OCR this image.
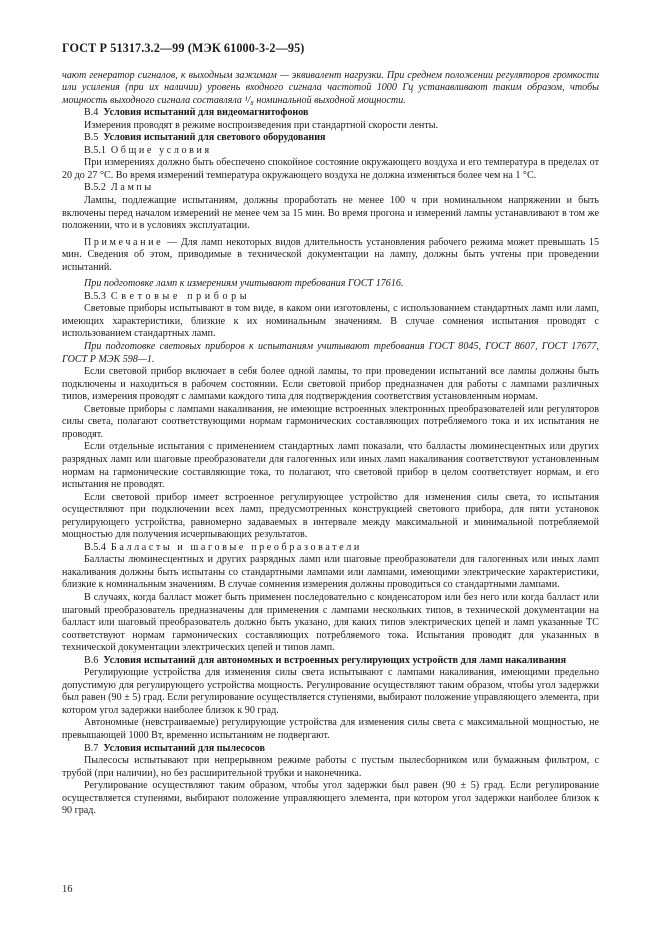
ГОСТ Р 51317.3.2—99 (МЭК 61000-3-2—95)

чают генератор сигналов, к выходным зажимам — эквивалент нагрузки. При среднем положении регуляторов громкости или усиления (при их наличии) уровень входного сигнала частотой 1000 Гц устанавливают таким образом, чтобы мощность выходного сигнала составляла ¹/₈ номинальной выходной мощности.

В.4 Условия испытаний для видеомагнитофонов

Измерения проводят в режиме воспроизведения при стандартной скорости ленты.

В.5 Условия испытаний для светового оборудования

В.5.1 Общие условия

При измерениях должно быть обеспечено спокойное состояние окружающего воздуха и его температура в пределах от 20 до 27 °С. Во время измерений температура окружающего воздуха не должна изменяться более чем на 1 °С.

В.5.2 Лампы

Лампы, подлежащие испытаниям, должны проработать не менее 100 ч при номинальном напряжении и быть включены перед началом измерений не менее чем за 15 мин. Во время прогона и измерений лампы устанавливают в том же положении, что и в условиях эксплуатации.

Примечание — Для ламп некоторых видов длительность установления рабочего режима может превышать 15 мин. Сведения об этом, приводимые в технической документации на лампу, должны быть учтены при проведении испытаний.

При подготовке ламп к измерениям учитывают требования ГОСТ 17616.

В.5.3 Световые приборы

Световые приборы испытывают в том виде, в каком они изготовлены, с использованием стандартных ламп или ламп, имеющих характеристики, близкие к их номинальным значениям. В случае сомнения испытания проводят с использованием стандартных ламп.

При подготовке световых приборов к испытаниям учитывают требования ГОСТ 8045, ГОСТ 8607, ГОСТ 17677, ГОСТ Р МЭК 598—1.

Если световой прибор включает в себя более одной лампы, то при проведении испытаний все лампы должны быть подключены и находиться в рабочем состоянии. Если световой прибор предназначен для работы с лампами различных типов, измерения проводят с лампами каждого типа для подтверждения соответствия установленным нормам.

Световые приборы с лампами накаливания, не имеющие встроенных электронных преобразователей или регуляторов силы света, полагают соответствующими нормам гармонических составляющих потребляемого тока и их испытания не проводят.

Если отдельные испытания с применением стандартных ламп показали, что балласты люминесцентных или других разрядных ламп или шаговые преобразователи для галогенных или иных ламп накаливания соответствуют установленным нормам на гармонические составляющие тока, то полагают, что световой прибор в целом соответствует нормам, и его испытания не проводят.

Если световой прибор имеет встроенное регулирующее устройство для изменения силы света, то испытания осуществляют при подключении всех ламп, предусмотренных конструкцией светового прибора, для пяти установок регулирующего устройства, равномерно задаваемых в интервале между максимальной и минимальной потребляемой мощностью для получения исчерпывающих результатов.

В.5.4 Балласты и шаговые преобразователи

Балласты люминесцентных и других разрядных ламп или шаговые преобразователи для галогенных или иных ламп накаливания должны быть испытаны со стандартными лампами или лампами, имеющими электрические характеристики, близкие к номинальным значениям. В случае сомнения измерения должны проводиться со стандартными лампами.

В случаях, когда балласт может быть применен последовательно с конденсатором или без него или когда балласт или шаговый преобразователь предназначены для применения с лампами нескольких типов, в технической документации на балласт или шаговый преобразователь должно быть указано, для каких типов электрических цепей и ламп указанные ТС соответствуют нормам гармонических составляющих потребляемого тока. Испытания проводят для указанных в технической документации электрических цепей и типов ламп.

В.6 Условия испытаний для автономных и встроенных регулирующих устройств для ламп накаливания

Регулирующие устройства для изменения силы света испытывают с лампами накаливания, имеющими предельно допустимую для регулирующего устройства мощность. Регулирование осуществляют таким образом, чтобы угол задержки был равен (90 ± 5) град. Если регулирование осуществляется ступенями, выбирают положение управляющего элемента, при котором угол задержки наиболее близок к 90 град.

Автономные (невстраиваемые) регулирующие устройства для изменения силы света с максимальной мощностью, не превышающей 1000 Вт, временно испытаниям не подвергают.

В.7 Условия испытаний для пылесосов

Пылесосы испытывают при непрерывном режиме работы с пустым пылесборником или бумажным фильтром, с трубой (при наличии), но без расширительной трубки и наконечника.

Регулирование осуществляют таким образом, чтобы угол задержки был равен (90 ± 5) град. Если регулирование осуществляется ступенями, выбирают положение управляющего элемента, при котором угол задержки наиболее близок к 90 град.

16
